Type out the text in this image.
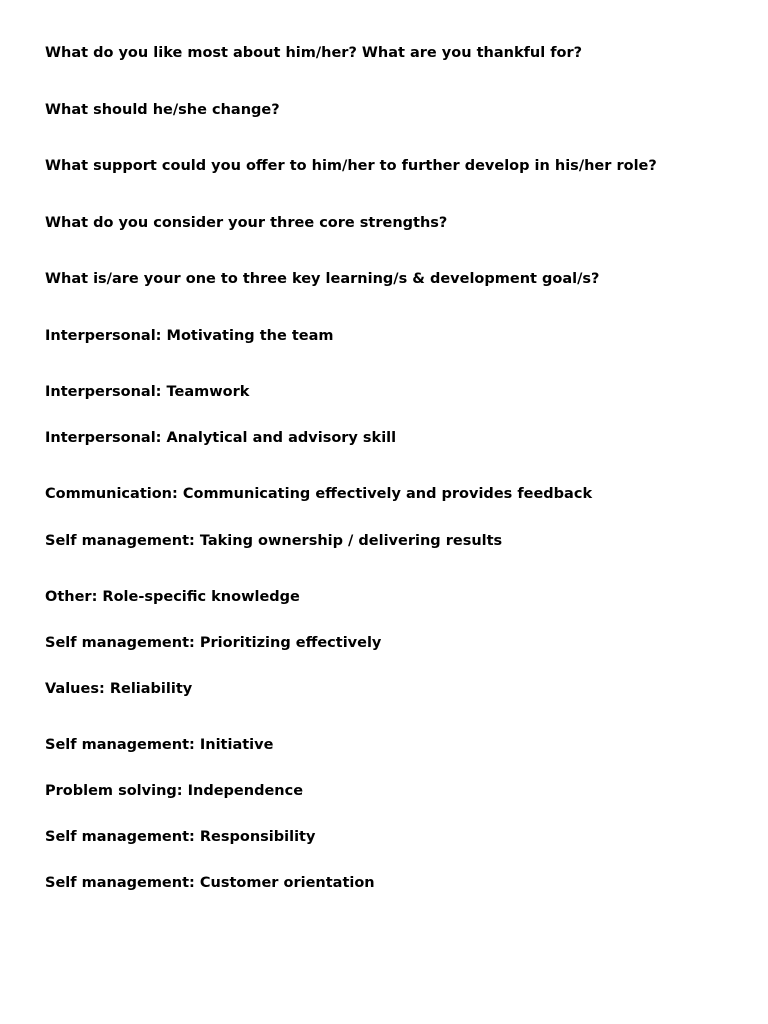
What do you like most about him/her? What are you thankful for?

What should he/she change?

What support could you offer to him/her to further develop in his/her role?

What do you consider your three core strengths?

What is/are your one to three key learning/s & development goal/s?

Interpersonal: Motivating the team

Interpersonal: Teamwork

Interpersonal: Analytical and advisory skill

Communication: Communicating effectively and provides feedback

Self management: Taking ownership / delivering results

Other: Role-specific knowledge

Self management: Prioritizing effectively

Values: Reliability

Self management: Initiative

Problem solving: Independence

Self management: Responsibility

Self management: Customer orientation
